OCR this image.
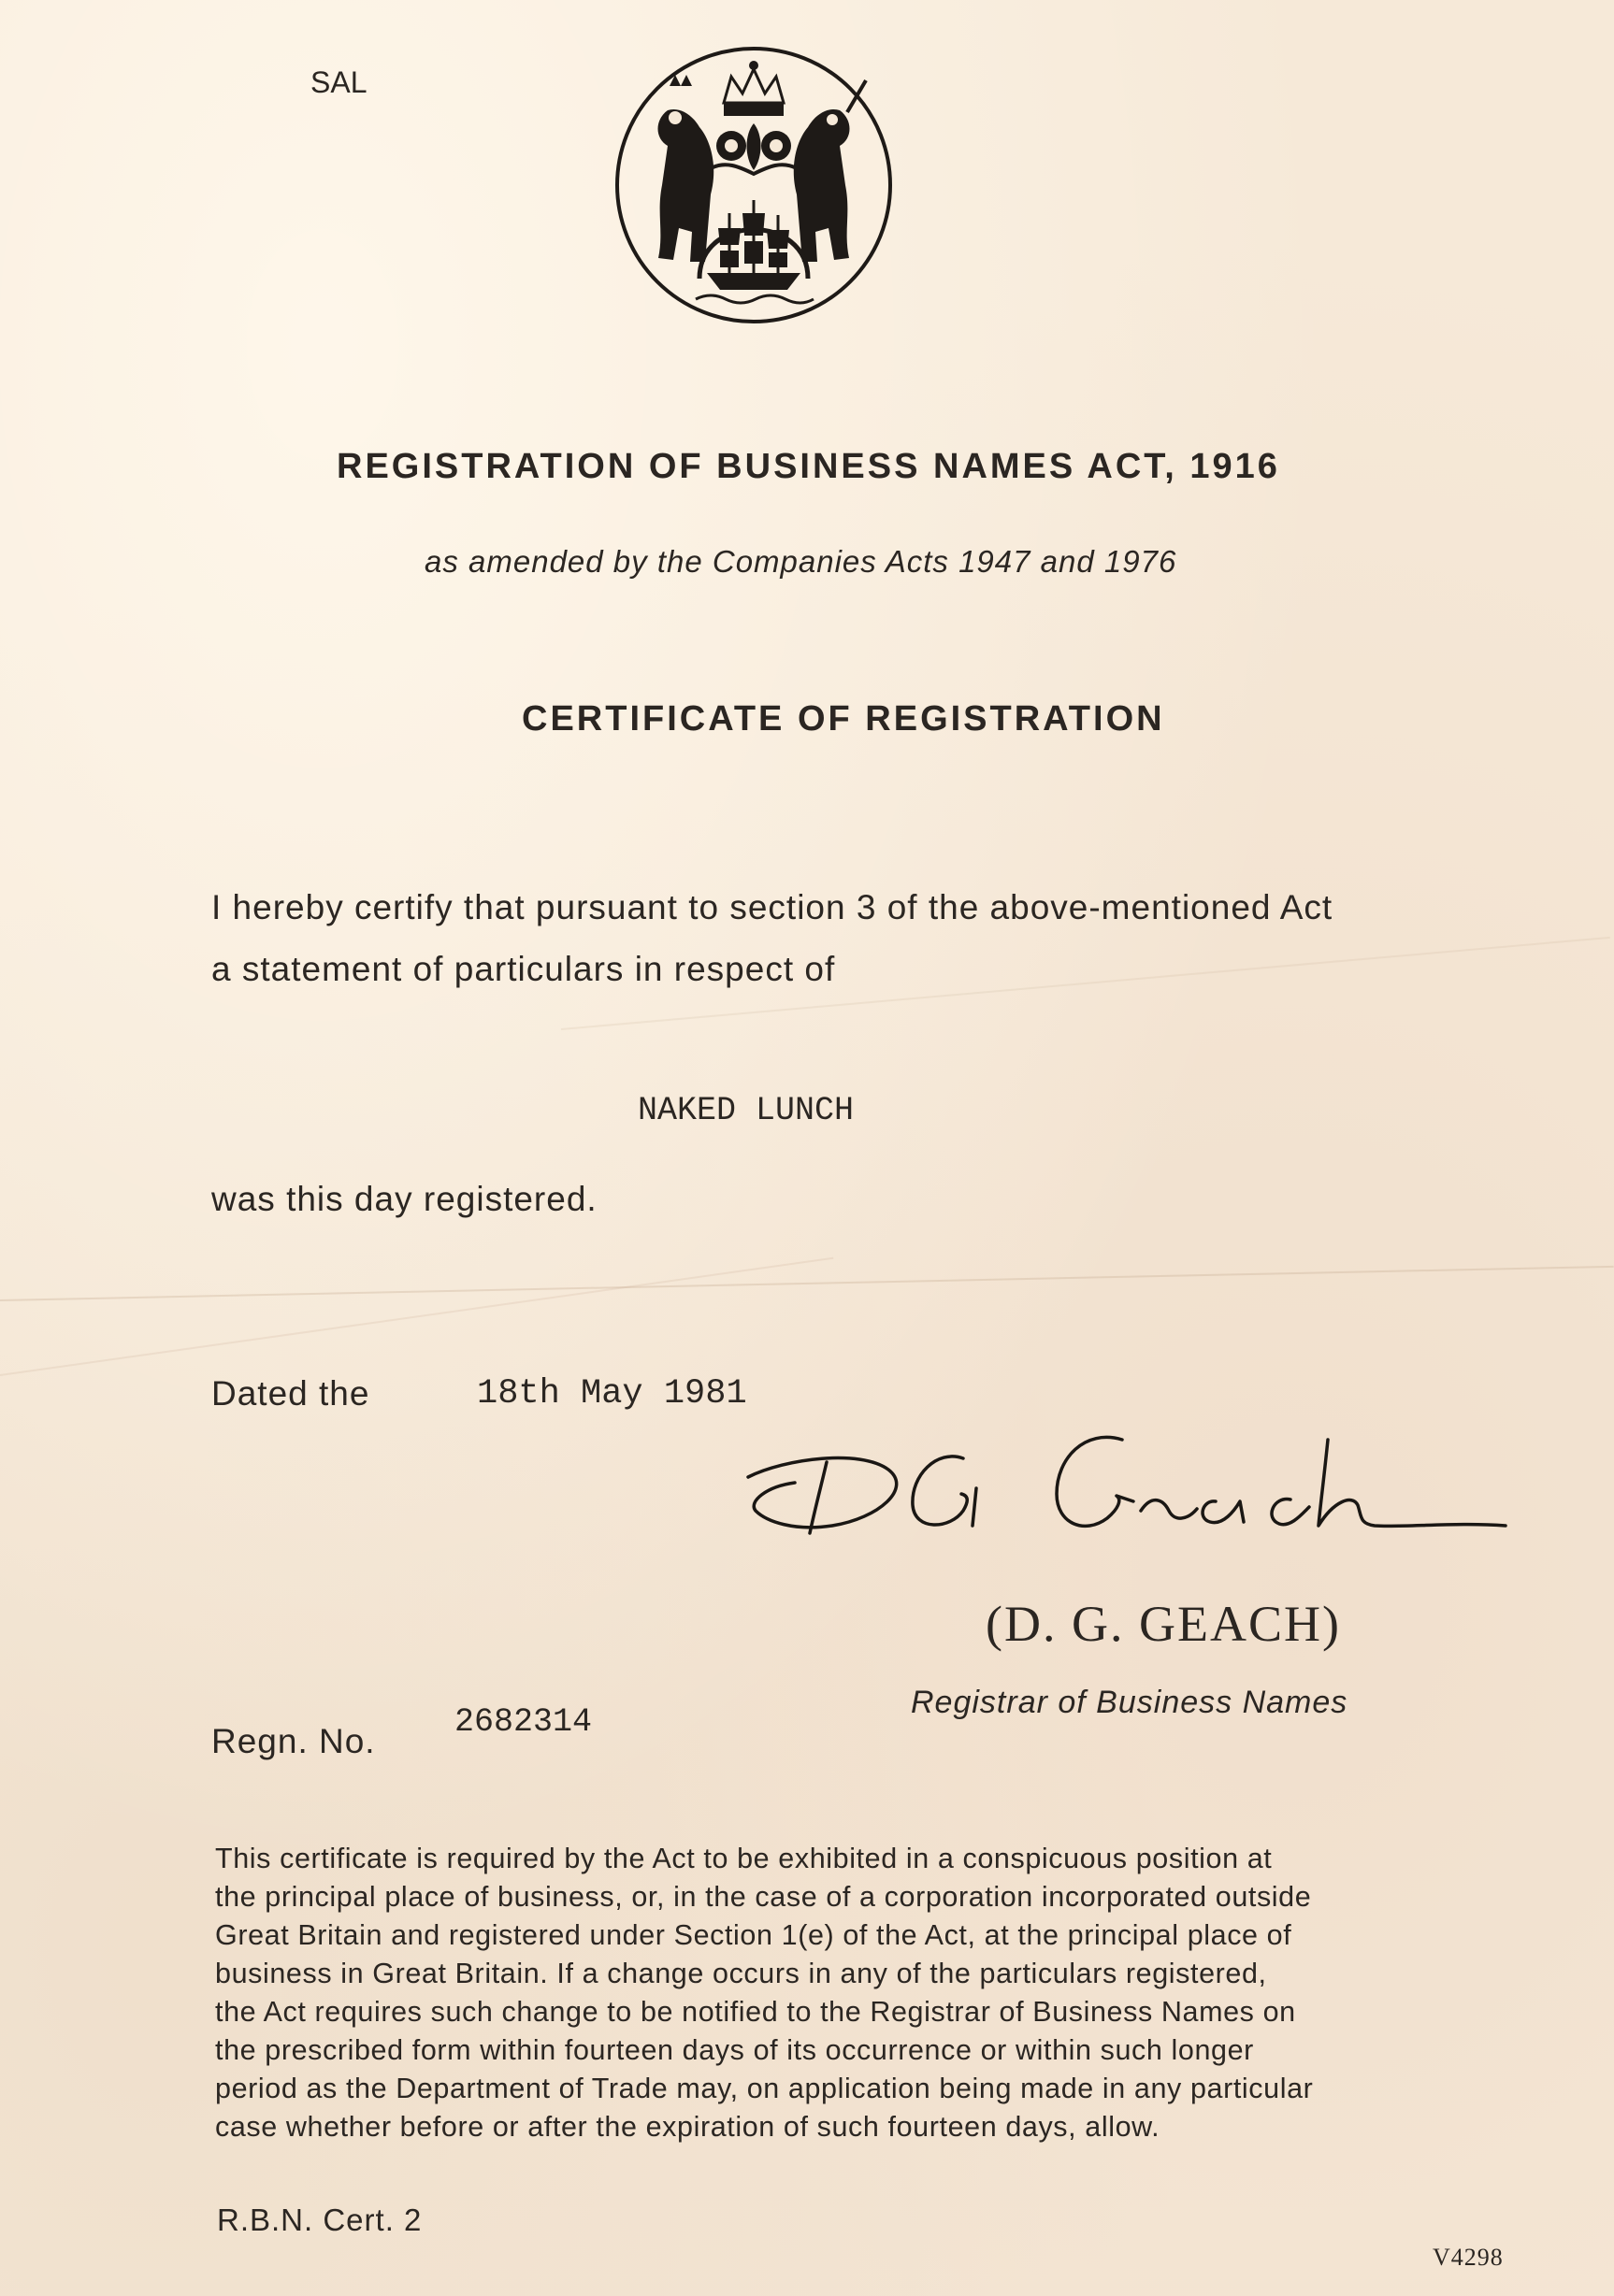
SAL
REGISTRATION OF BUSINESS NAMES ACT, 1916
as amended by the Companies Acts 1947 and 1976
CERTIFICATE OF REGISTRATION
I hereby certify that pursuant to section 3 of the above-mentioned Act
a statement of particulars in respect of
NAKED LUNCH
was this day registered.
Dated the	18th May 1981
(D. G. GEACH)
Registrar of Business Names
Regn. No. 2682314
This certificate is required by the Act to be exhibited in a conspicuous position at
the principal place of business, or, in the case of a corporation incorporated outside
Great Britain and registered under Section 1(e) of the Act, at the principal place of
business in Great Britain. If a change occurs in any of the particulars registered,
the Act requires such change to be notified to the Registrar of Business Names on
the prescribed form within fourteen days of its occurrence or within such longer
period as the Department of Trade may, on application being made in any particular
case whether before or after the expiration of such fourteen days, allow.
R.B.N. Cert. 2
V4298
